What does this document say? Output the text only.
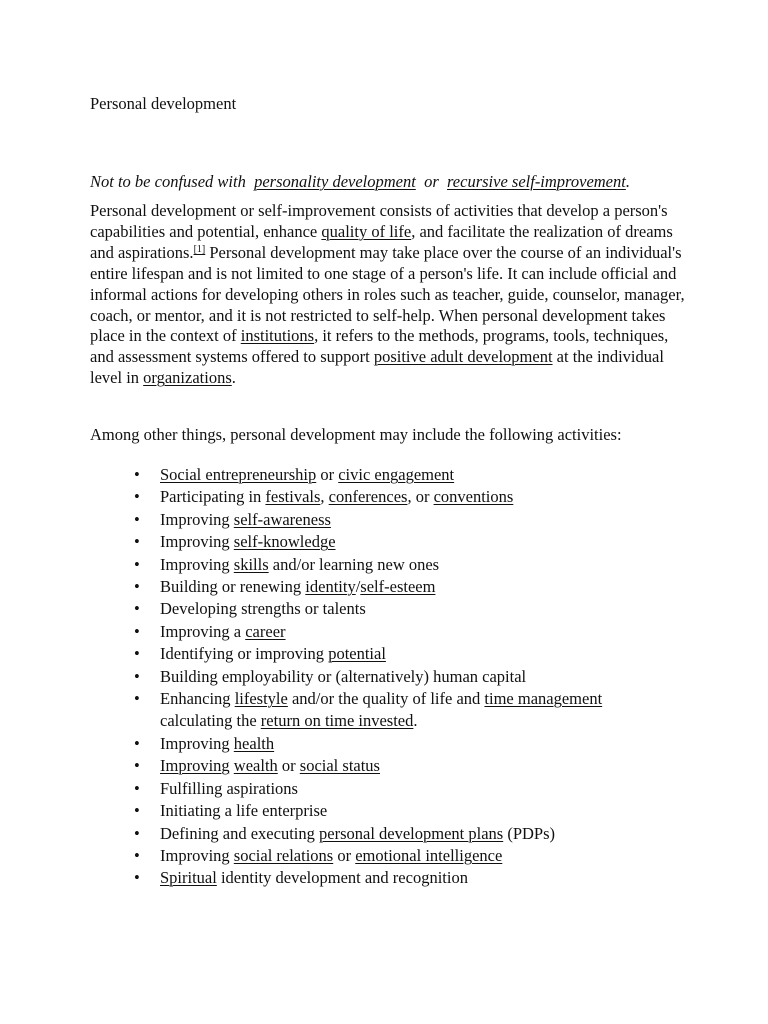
Personal development

Not to be confused with personality development or recursive self-improvement.

Personal development or self-improvement consists of activities that develop a person's capabilities and potential, enhance quality of life, and facilitate the realization of dreams and aspirations.[1] Personal development may take place over the course of an individual's entire lifespan and is not limited to one stage of a person's life. It can include official and informal actions for developing others in roles such as teacher, guide, counselor, manager, coach, or mentor, and it is not restricted to self-help. When personal development takes place in the context of institutions, it refers to the methods, programs, tools, techniques, and assessment systems offered to support positive adult development at the individual level in organizations.

Among other things, personal development may include the following activities:

• Social entrepreneurship or civic engagement
• Participating in festivals, conferences, or conventions
• Improving self-awareness
• Improving self-knowledge
• Improving skills and/or learning new ones
• Building or renewing identity/self-esteem
• Developing strengths or talents
• Improving a career
• Identifying or improving potential
• Building employability or (alternatively) human capital
• Enhancing lifestyle and/or the quality of life and time management calculating the return on time invested.
• Improving health
• Improving wealth or social status
• Fulfilling aspirations
• Initiating a life enterprise
• Defining and executing personal development plans (PDPs)
• Improving social relations or emotional intelligence
• Spiritual identity development and recognition
